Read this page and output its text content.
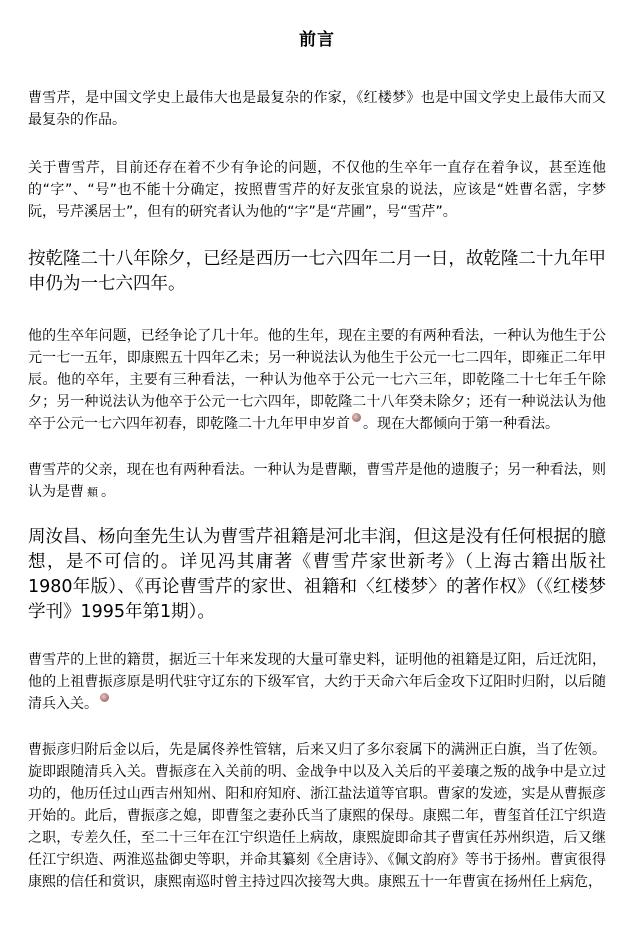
前言

曹雪芹，是中国文学史上最伟大也是最复杂的作家，《红楼梦》也是中国文学史上最伟大而又最复杂的作品。

关于曹雪芹，目前还存在着不少有争论的问题，不仅他的生卒年一直存在着争议，甚至连他的“字”、“号”也不能十分确定，按照曹雪芹的好友张宜泉的说法，应该是“姓曹名霑，字梦阮，号芹溪居士”，但有的研究者认为他的“字”是“芹圃”，号“雪芹”。

按乾隆二十八年除夕，已经是西历一七六四年二月一日，故乾隆二十九年甲申仍为一七六四年。

他的生卒年问题，已经争论了几十年。他的生年，现在主要的有两种看法，一种认为他生于公元一七一五年，即康熙五十四年乙未；另一种说法认为他生于公元一七二四年，即雍正二年甲辰。他的卒年，主要有三种看法，一种认为他卒于公元一七六三年，即乾隆二十七年壬午除夕；另一种说法认为他卒于公元一七六四年，即乾隆二十八年癸未除夕；还有一种说法认为他卒于公元一七六四年初春，即乾隆二十九年甲申岁首 。现在大都倾向于第一种看法。

曹雪芹的父亲，现在也有两种看法。一种认为是曹颙，曹雪芹是他的遗腹子；另一种看法，则认为是曹 頫 。

周汝昌、杨向奎先生认为曹雪芹祖籍是河北丰润，但这是没有任何根据的臆想，是不可信的。详见冯其庸著《曹雪芹家世新考》（上海古籍出版社1980年版）、《再论曹雪芹的家世、祖籍和〈红楼梦〉的著作权》（《红楼梦学刊》1995年第1期）。

曹雪芹的上世的籍贯，据近三十年来发现的大量可靠史料，证明他的祖籍是辽阳，后迁沈阳，他的上祖曹振彦原是明代驻守辽东的下级军官，大约于天命六年后金攻下辽阳时归附，以后随清兵入关。

曹振彦归附后金以后，先是属佟养性管辖，后来又归了多尔衮属下的满洲正白旗，当了佐领。旋即跟随清兵入关。曹振彦在入关前的明、金战争中以及入关后的平姜瓖之叛的战争中是立过功的，他历任过山西吉州知州、阳和府知府、浙江盐法道等官职。曹家的发迹，实是从曹振彦开始的。此后，曹振彦之媳，即曹玺之妻孙氏当了康熙的保母。康熙二年，曹玺首任江宁织造之职，专差久任，至二十三年在江宁织造任上病故，康熙旋即命其子曹寅任苏州织造，后又继任江宁织造、两淮巡盐御史等职，并命其纂刻《全唐诗》、《佩文韵府》等书于扬州。曹寅很得康熙的信任和赏识，康熙南巡时曾主持过四次接驾大典。康熙五十一年曹寅在扬州任上病危，
